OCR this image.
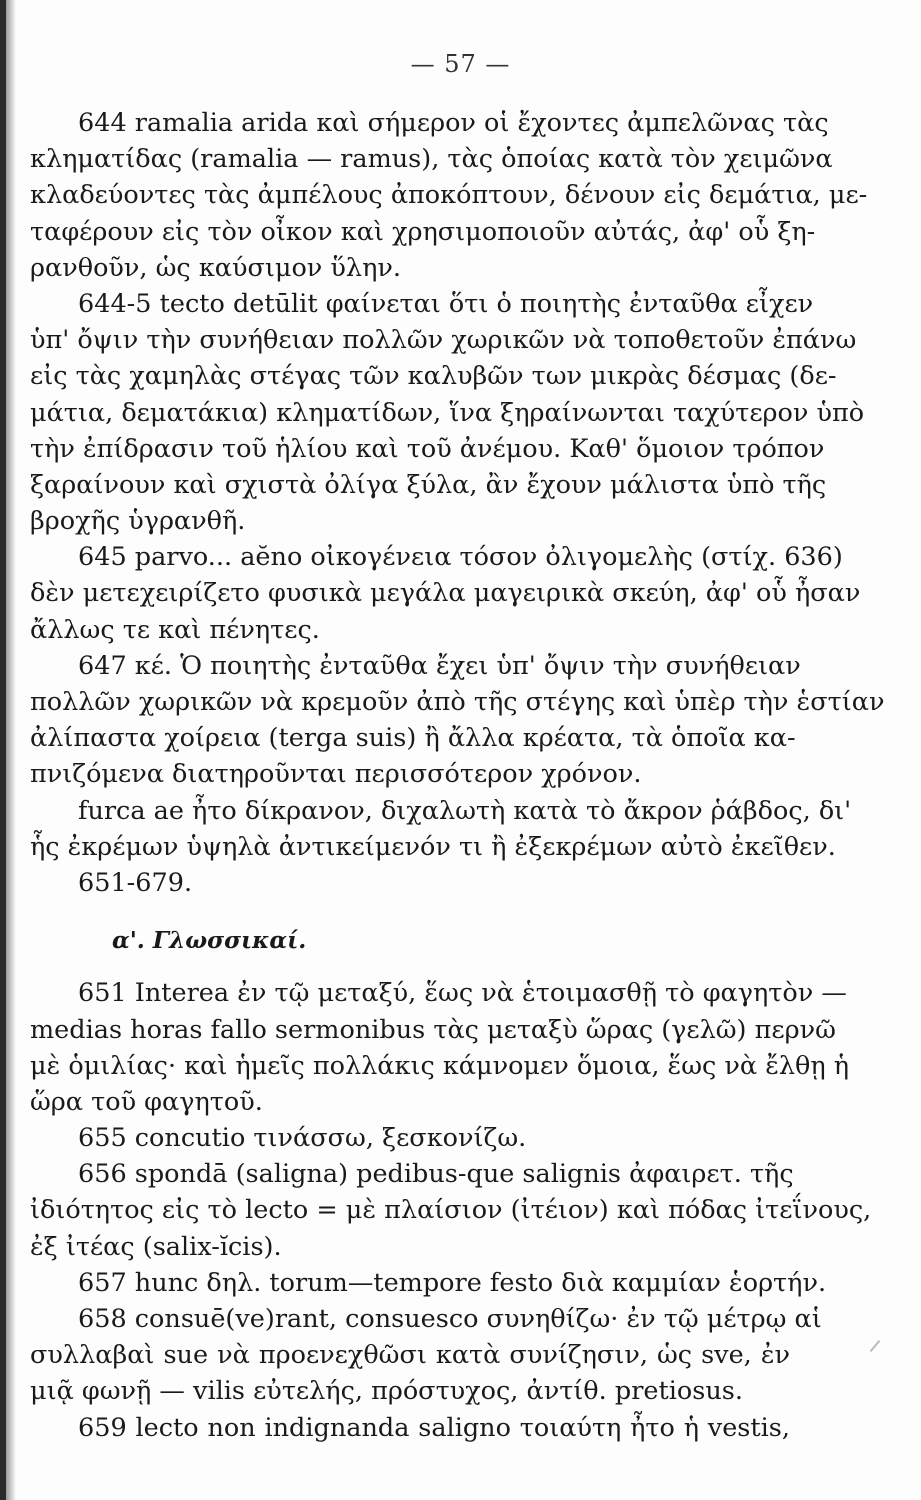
— 57 —
644 ramalia arida καὶ σήμερον οἱ ἔχοντες ἀμπελῶνας τὰς
κληματίδας (ramalia — ramus), τὰς ὁποίας κατὰ τὸν χειμῶνα
κλαδεύοντες τὰς ἀμπέλους ἀποκόπτουν, δένουν εἰς δεμάτια, με-
ταφέρουν εἰς τὸν οἶκον καὶ χρησιμοποιοῦν αὐτάς, ἀφ' οὗ ξη-
ρανθοῦν, ὡς καύσιμον ὕλην.
644-5 tecto detūlit φαίνεται ὅτι ὁ ποιητὴς ἐνταῦθα εἶχεν
ὑπ' ὄψιν τὴν συνήθειαν πολλῶν χωρικῶν νὰ τοποθετοῦν ἐπάνω
εἰς τὰς χαμηλὰς στέγας τῶν καλυβῶν των μικρὰς δέσμας (δε-
μάτια, δεματάκια) κληματίδων, ἵνα ξηραίνωνται ταχύτερον ὑπὸ
τὴν ἐπίδρασιν τοῦ ἡλίου καὶ τοῦ ἀνέμου. Καθ' ὅμοιον τρόπον
ξαραίνουν καὶ σχιστὰ ὀλίγα ξύλα, ἂν ἔχουν μάλιστα ὑπὸ τῆς
βροχῆς ὑγρανθῆ.
645 parvo... aĕno οἰκογένεια τόσον ὀλιγομελὴς (στίχ. 636)
δὲν μετεχειρίζετο φυσικὰ μεγάλα μαγειρικὰ σκεύη, ἀφ' οὗ ἦσαν
ἄλλως τε καὶ πένητες.
647 κέ. Ὁ ποιητὴς ἐνταῦθα ἔχει ὑπ' ὄψιν τὴν συνήθειαν
πολλῶν χωρικῶν νὰ κρεμοῦν ἀπὸ τῆς στέγης καὶ ὑπὲρ τὴν ἑστίαν
ἀλίπαστα χοίρεια (terga suis) ἢ ἄλλα κρέατα, τὰ ὁποῖα κα-
πνιζόμενα διατηροῦνται περισσότερον χρόνον.
furca ae ἦτο δίκρανον, διχαλωτὴ κατὰ τὸ ἄκρον ῥάβδος, δι'
ἧς ἐκρέμων ὑψηλὰ ἀντικείμενόν τι ἢ ἐξεκρέμων αὐτὸ ἐκεῖθεν.
651-679.
α'. Γλωσσικαί.
651 Interea ἐν τῷ μεταξύ, ἕως νὰ ἑτοιμασθῇ τὸ φαγητὸν —
medias horas fallo sermonibus τὰς μεταξὺ ὥρας (γελῶ) περνῶ
μὲ ὁμιλίας· καὶ ἡμεῖς πολλάκις κάμνομεν ὅμοια, ἕως νὰ ἔλθῃ ἡ
ὥρα τοῦ φαγητοῦ.
655 concutio τινάσσω, ξεσκονίζω.
656 spondā (saligna) pedibus-que salignis ἀφαιρετ. τῆς
ἰδιότητος εἰς τὸ lecto = μὲ πλαίσιον (ἰτέιον) καὶ πόδας ἰτεΐνους,
ἐξ ἰτέας (salix-ĭcis).
657 hunc δηλ. torum—tempore festo διὰ καμμίαν ἑορτήν.
658 consuē(ve)rant, consuesco συνηθίζω· ἐν τῷ μέτρῳ αἱ
συλλαβαὶ sue νὰ προενεχθῶσι κατὰ συνίζησιν, ὡς sve, ἐν
μιᾷ φωνῇ — vilis εὐτελής, πρόστυχος, ἀντίθ. pretiosus.
659 lecto non indignanda saligno τοιαύτη ἦτο ἡ vestis,
